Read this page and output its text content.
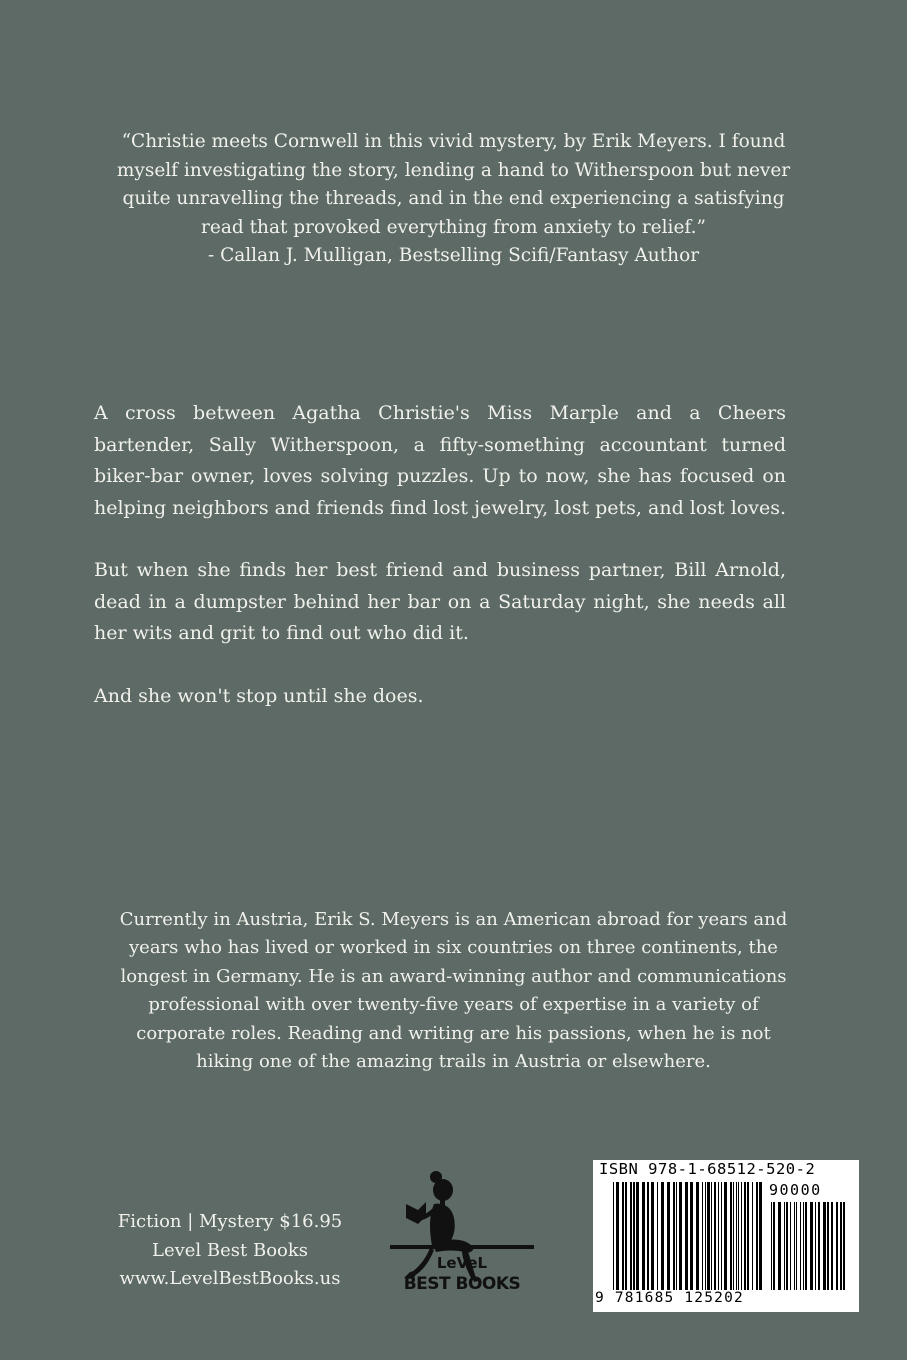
“Christie meets Cornwell in this vivid mystery, by Erik Meyers. I found

myself investigating the story, lending a hand to Witherspoon but never

quite unravelling the threads, and in the end experiencing a satisfying

read that provoked everything from anxiety to relief.”

- Callan J. Mulligan, Bestselling Scifi/Fantasy Author

A cross between Agatha Christie's Miss Marple and a Cheers bartender, Sally Witherspoon, a fifty-something accountant turned biker-bar owner, loves solving puzzles. Up to now, she has focused on helping neighbors and friends find lost jewelry, lost pets, and lost loves.

But when she finds her best friend and business partner, Bill Arnold, dead in a dumpster behind her bar on a Saturday night, she needs all her wits and grit to find out who did it.

And she won't stop until she does.

Currently in Austria, Erik S. Meyers is an American abroad for years and
years who has lived or worked in six countries on three continents, the
longest in Germany. He is an award-winning author and communications
professional with over twenty-five years of expertise in a variety of
corporate roles. Reading and writing are his passions, when he is not
hiking one of the amazing trails in Austria or elsewhere.
Fiction | Mystery $16.95
Level Best Books
www.LevelBestBooks.us
LeVeL
BEST BOOKS
ISBN 978-1-68512-520-2
90000
9 781685 125202
